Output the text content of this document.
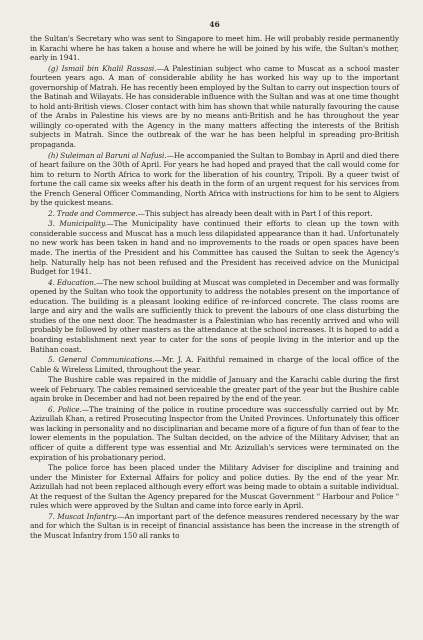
46

the Sultan's Secretary who was sent to Singapore to meet him. He will probably reside permanently in Karachi where he has taken a house and where he will be joined by his wife, the Sultan's mother, early in 1941.

(g) Ismail bin Khalil Rassasi.—A Palestinian subject who came to Muscat as a school master fourteen years ago. A man of considerable ability he has worked his way up to the important governorship of Matrah. He has recently been employed by the Sultan to carry out inspection tours of the Batinah and Wilayats. He has considerable influence with the Sultan and was at one time thought to hold anti-British views. Closer contact with him has shown that while naturally favouring the cause of the Arabs in Palestine his views are by no means anti-British and he has throughout the year willingly co-operated with the Agency in the many matters affecting the interests of the British subjects in Matrah. Since the outbreak of the war he has been helpful in spreading pro-British propaganda.

(h) Suleiman al Baruni al Nafusi.—He accompanied the Sultan to Bombay in April and died there of heart failure on the 30th of April. For years he had hoped and prayed that the call would come for him to return to North Africa to work for the liberation of his country, Tripoli. By a queer twist of fortune the call came six weeks after his death in the form of an urgent request for his services from the French General Officer Commanding, North Africa with instructions for him to be sent to Algiers by the quickest means.

2. Trade and Commerce.—This subject has already been dealt with in Part I of this report.

3. Municipality.—The Municipality have continued their efforts to clean up the town with considerable success and Muscat has a much less dilapidated appearance than it had. Unfortunately no new work has been taken in hand and no improvements to the roads or open spaces have been made. The inertia of the President and his Committee has caused the Sultan to seek the Agency's help. Naturally help has not been refused and the President has received advice on the Municipal Budget for 1941.

4. Education.—The new school building at Muscat was completed in December and was formally opened by the Sultan who took the opportunity to address the notables present on the importance of education. The building is a pleasant looking edifice of re-inforced concrete. The class rooms are large and airy and the walls are sufficiently thick to prevent the labours of one class disturbing the studies of the one next door. The headmaster is a Palestinian who has recently arrived and who will probably be followed by other masters as the attendance at the school increases. It is hoped to add a boarding establishment next year to cater for the sons of people living in the interior and up the Batihan coast.

5. General Communications.—Mr. J. A. Faithful remained in charge of the local office of the Cable & Wireless Limited, throughout the year.

The Bushire cable was repaired in the middle of January and the Karachi cable during the first week of February. The cables remained serviceable the greater part of the year but the Bushire cable again broke in December and had not been repaired by the end of the year.

6. Police.—The training of the police in routine procedure was successfully carried out by Mr. Azizullah Khan, a retired Prosecuting Inspector from the United Provinces. Unfortunately this officer was lacking in personality and no disciplinarian and became more of a figure of fun than of fear to the lower elements in the population. The Sultan decided, on the advice of the Military Adviser, that an officer of quite a different type was essential and Mr. Azizullah's services were terminated on the expiration of his probationary period.

The police force has been placed under the Military Adviser for discipline and training and under the Minister for External Affairs for policy and police duties. By the end of the year Mr. Azizullah had not been replaced although every effort was being made to obtain a suitable individual. At the request of the Sultan the Agency prepared for the Muscat Government " Harbour and Police " rules which were approved by the Sultan and came into force early in April.

7. Muscat Infantry.—An important part of the defence measures rendered necessary by the war and for which the Sultan is in receipt of financial assistance has been the increase in the strength of the Muscat Infantry from 150 all ranks to
